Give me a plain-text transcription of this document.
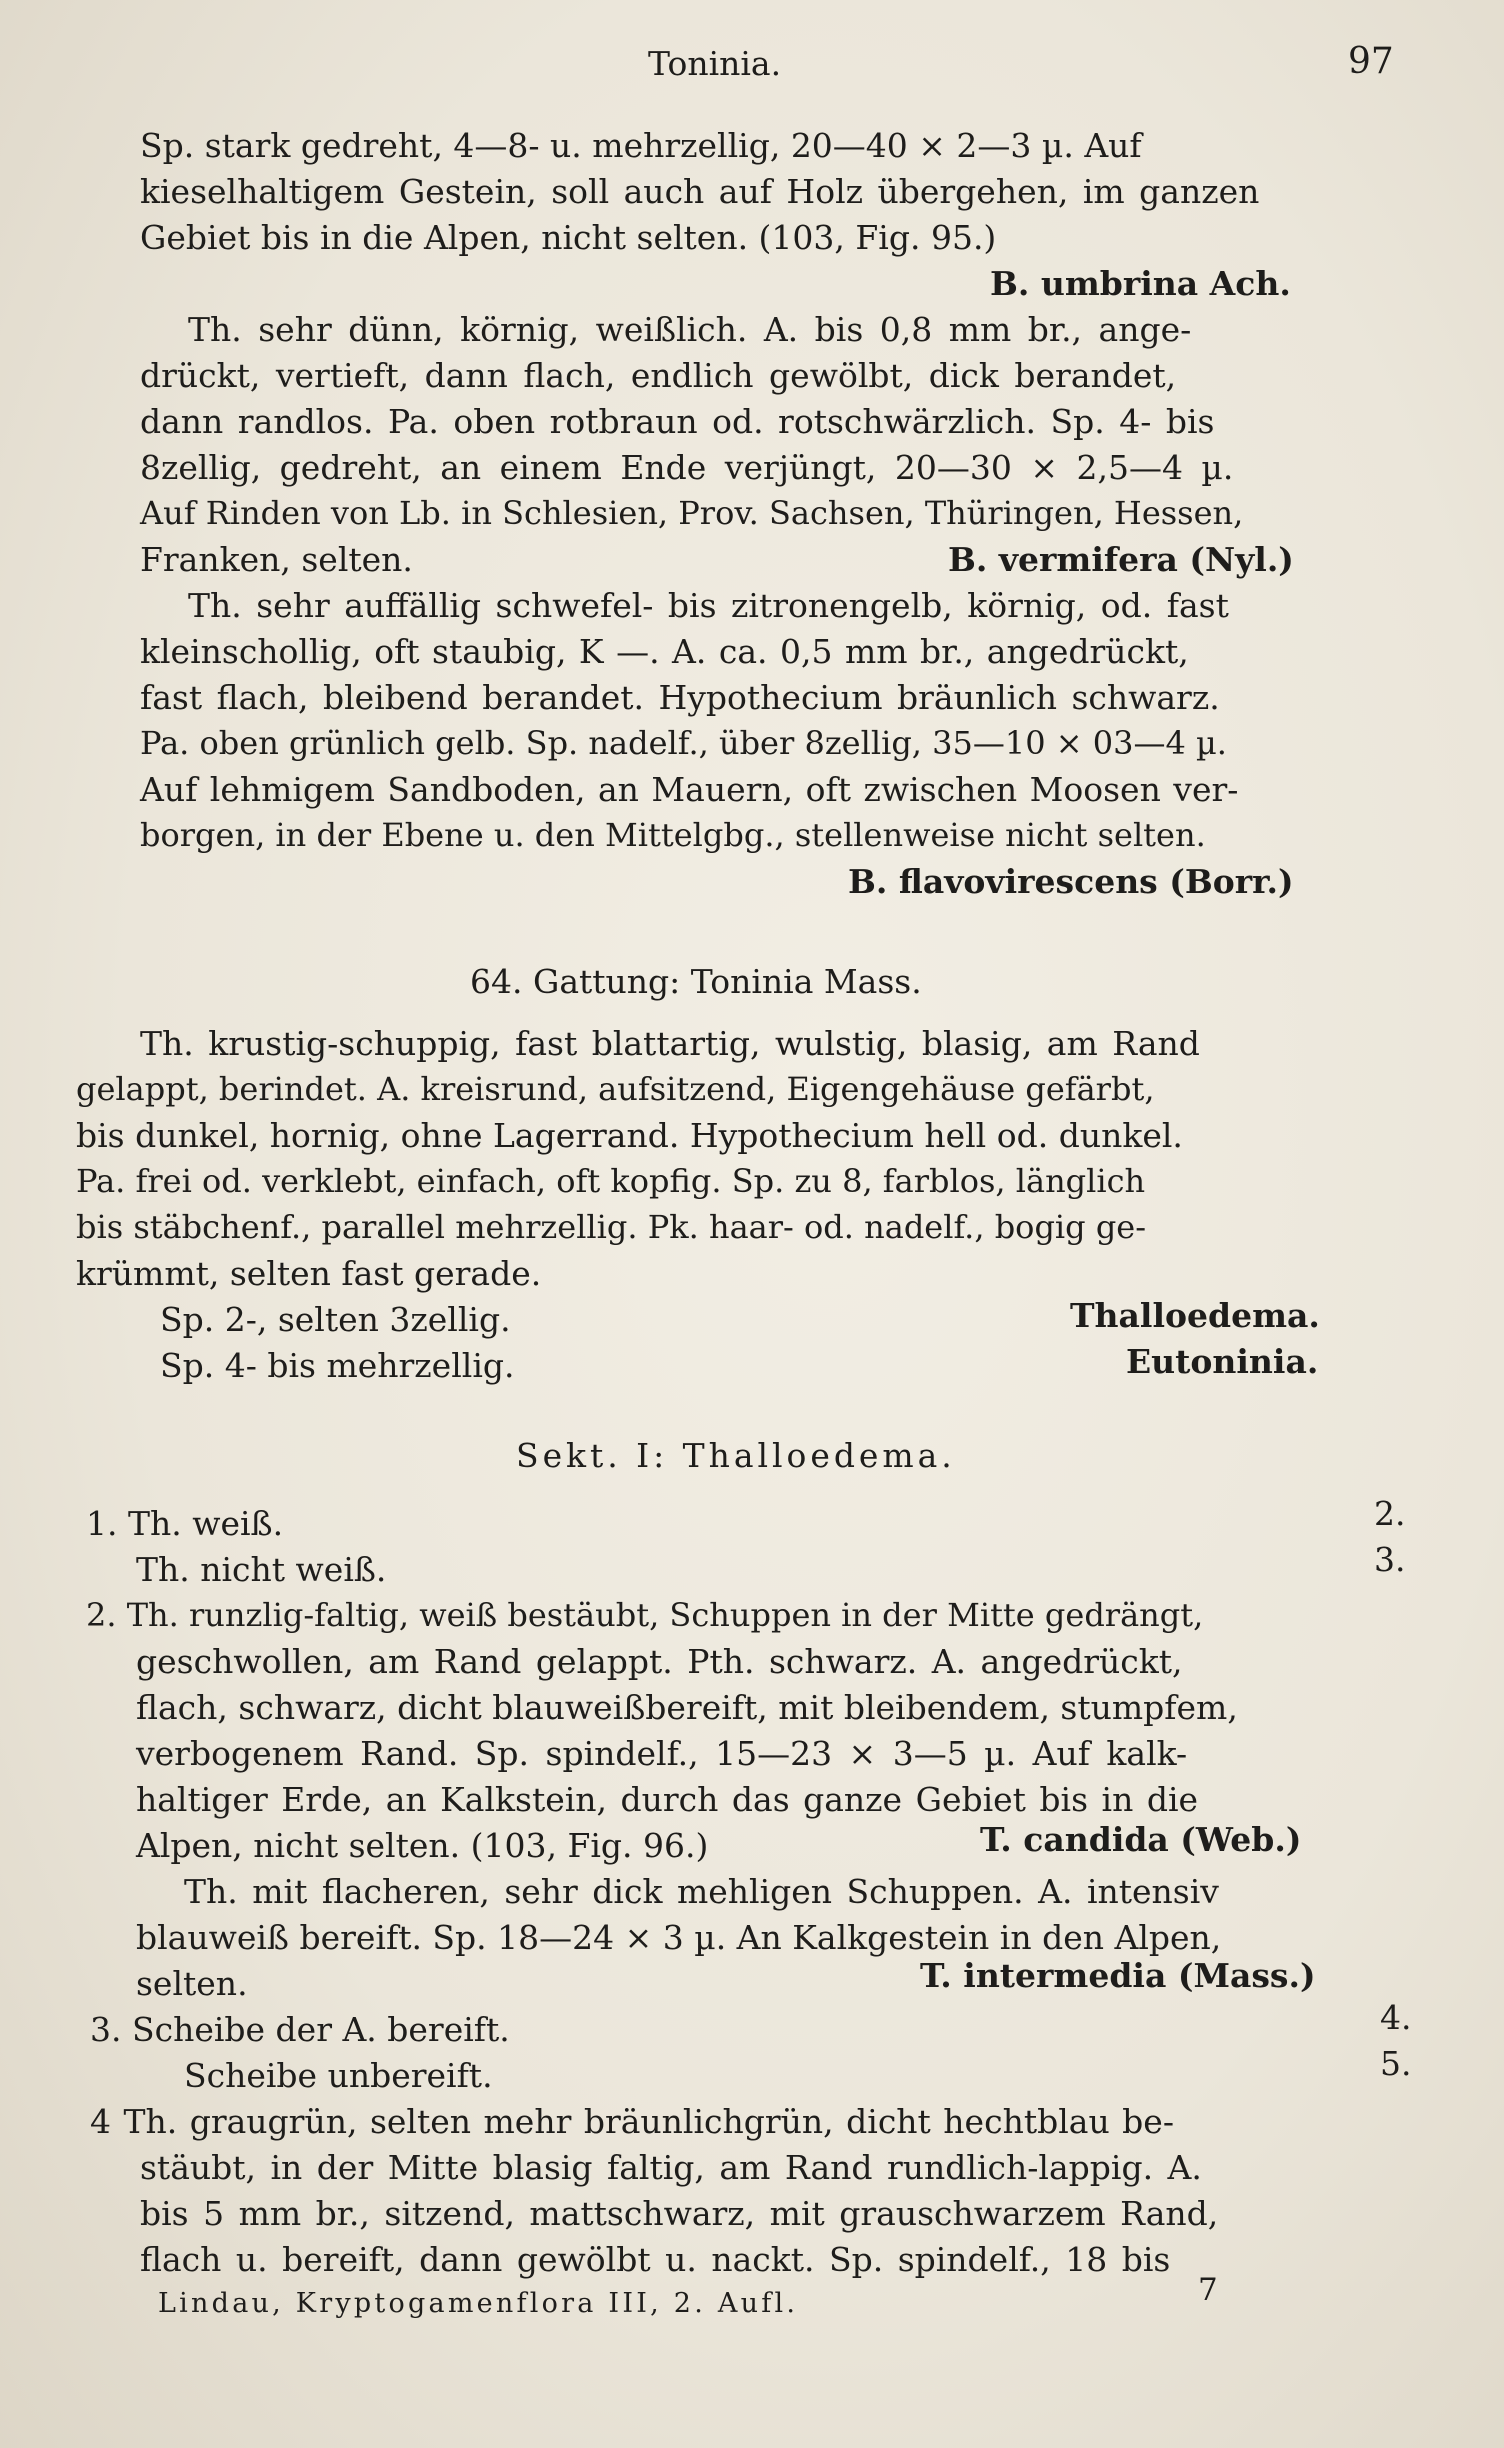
Toninia.	97
Sp. stark gedreht, 4—8- u. mehrzellig, 20—40 × 2—3 µ. Auf
kieselhaltigem Gestein, soll auch auf Holz übergehen, im ganzen
Gebiet bis in die Alpen, nicht selten. (103, Fig. 95.)
B. umbrina Ach.
Th. sehr dünn, körnig, weißlich. A. bis 0,8 mm br., ange-
drückt, vertieft, dann flach, endlich gewölbt, dick berandet,
dann randlos. Pa. oben rotbraun od. rotschwärzlich. Sp. 4- bis
8zellig, gedreht, an einem Ende verjüngt, 20—30 × 2,5—4 µ.
Auf Rinden von Lb. in Schlesien, Prov. Sachsen, Thüringen, Hessen,
Franken, selten.	B. vermifera (Nyl.)
Th. sehr auffällig schwefel- bis zitronengelb, körnig, od. fast
kleinschollig, oft staubig, K —. A. ca. 0,5 mm br., angedrückt,
fast flach, bleibend berandet. Hypothecium bräunlich schwarz.
Pa. oben grünlich gelb. Sp. nadelf., über 8zellig, 35—10 × 03—4 µ.
Auf lehmigem Sandboden, an Mauern, oft zwischen Moosen ver-
borgen, in der Ebene u. den Mittelgbg., stellenweise nicht selten.
B. flavovirescens (Borr.)
64. Gattung: Toninia Mass.
Th. krustig-schuppig, fast blattartig, wulstig, blasig, am Rand
gelappt, berindet. A. kreisrund, aufsitzend, Eigengehäuse gefärbt,
bis dunkel, hornig, ohne Lagerrand. Hypothecium hell od. dunkel.
Pa. frei od. verklebt, einfach, oft kopfig. Sp. zu 8, farblos, länglich
bis stäbchenf., parallel mehrzellig. Pk. haar- od. nadelf., bogig ge-
krümmt, selten fast gerade.
Sp. 2-, selten 3zellig.	Thalloedema.
Sp. 4- bis mehrzellig.	Eutoninia.
Sekt. I: Thalloedema.
1. Th. weiß.	2.
Th. nicht weiß.	3.
2. Th. runzlig-faltig, weiß bestäubt, Schuppen in der Mitte gedrängt,
geschwollen, am Rand gelappt. Pth. schwarz. A. angedrückt,
flach, schwarz, dicht blauweißbereift, mit bleibendem, stumpfem,
verbogenem Rand. Sp. spindelf., 15—23 × 3—5 µ. Auf kalk-
haltiger Erde, an Kalkstein, durch das ganze Gebiet bis in die
Alpen, nicht selten. (103, Fig. 96.)	T. candida (Web.)
Th. mit flacheren, sehr dick mehligen Schuppen. A. intensiv
blauweiß bereift. Sp. 18—24 × 3 µ. An Kalkgestein in den Alpen,
selten.	T. intermedia (Mass.)
3. Scheibe der A. bereift.	4.
Scheibe unbereift.	5.
4 Th. graugrün, selten mehr bräunlichgrün, dicht hechtblau be-
stäubt, in der Mitte blasig faltig, am Rand rundlich-lappig. A.
bis 5 mm br., sitzend, mattschwarz, mit grauschwarzem Rand,
flach u. bereift, dann gewölbt u. nackt. Sp. spindelf., 18 bis
Lindau, Kryptogamenflora III, 2. Aufl.	7
